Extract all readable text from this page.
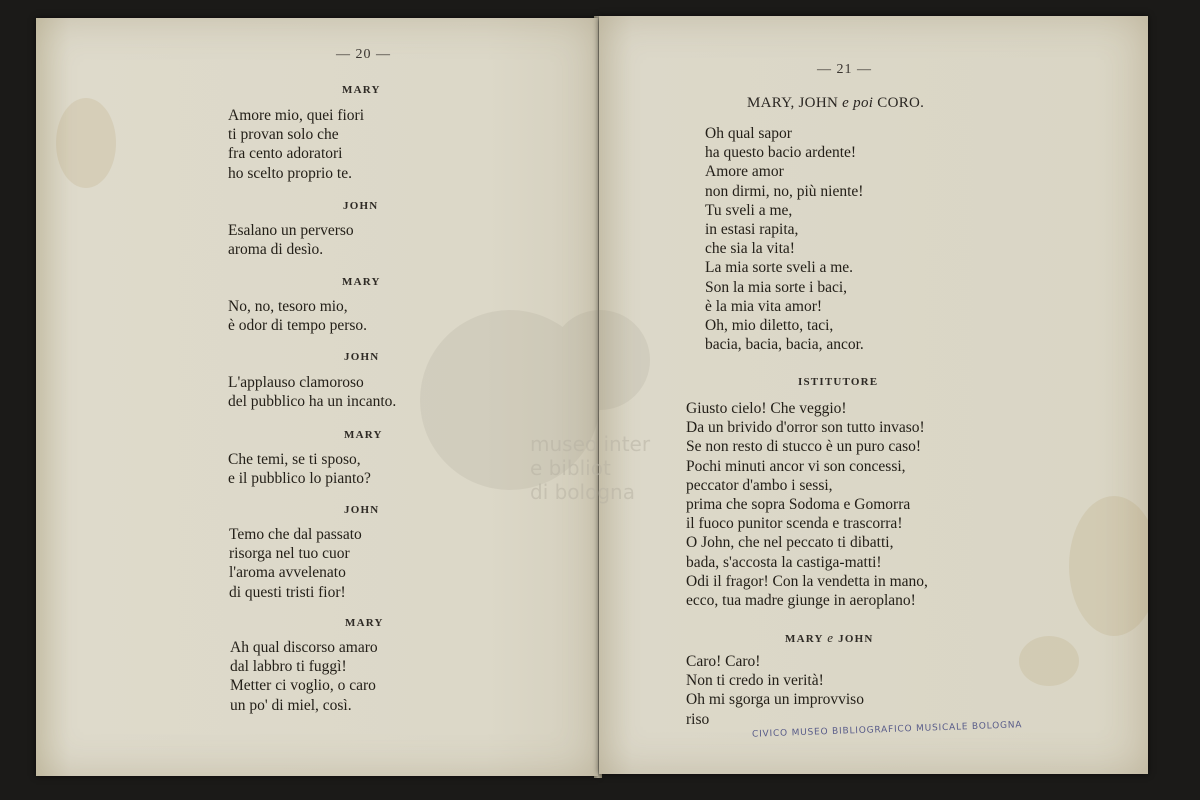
museo inter
e bibliot
di bologna
— 20 —
MARY
Amore mio, quei fiori
ti provan solo che
fra cento adoratori
ho scelto proprio te.
JOHN
Esalano un perverso
aroma di desìo.
MARY
No, no, tesoro mio,
è odor di tempo perso.
JOHN
L'applauso clamoroso
del pubblico ha un incanto.
MARY
Che temi, se ti sposo,
e il pubblico lo pianto?
JOHN
Temo che dal passato
risorga nel tuo cuor
l'aroma avvelenato
di questi tristi fior!
MARY
Ah qual discorso amaro
dal labbro ti fuggì!
Metter ci voglio, o caro
un po' di miel, così.
— 21 —
MARY, JOHN e poi CORO.
Oh qual sapor
ha questo bacio ardente!
Amore amor
non dirmi, no, più niente!
Tu sveli a me,
in estasi rapita,
che sia la vita!
La mia sorte sveli a me.
Son la mia sorte i baci,
è la mia vita amor!
Oh, mio diletto, taci,
bacia, bacia, bacia, ancor.
ISTITUTORE
Giusto cielo! Che veggio!
Da un brivido d'orror son tutto invaso!
Se non resto di stucco è un puro caso!
Pochi minuti ancor vi son concessi,
peccator d'ambo i sessi,
prima che sopra Sodoma e Gomorra
il fuoco punitor scenda e trascorra!
O John, che nel peccato ti dibatti,
bada, s'accosta la castiga-matti!
Odi il fragor! Con la vendetta in mano,
ecco, tua madre giunge in aeroplano!
MARY e JOHN
Caro! Caro!
Non ti credo in verità!
Oh mi sgorga un improvviso
riso
CIVICO MUSEO BIBLIOGRAFICO MUSICALE BOLOGNA
